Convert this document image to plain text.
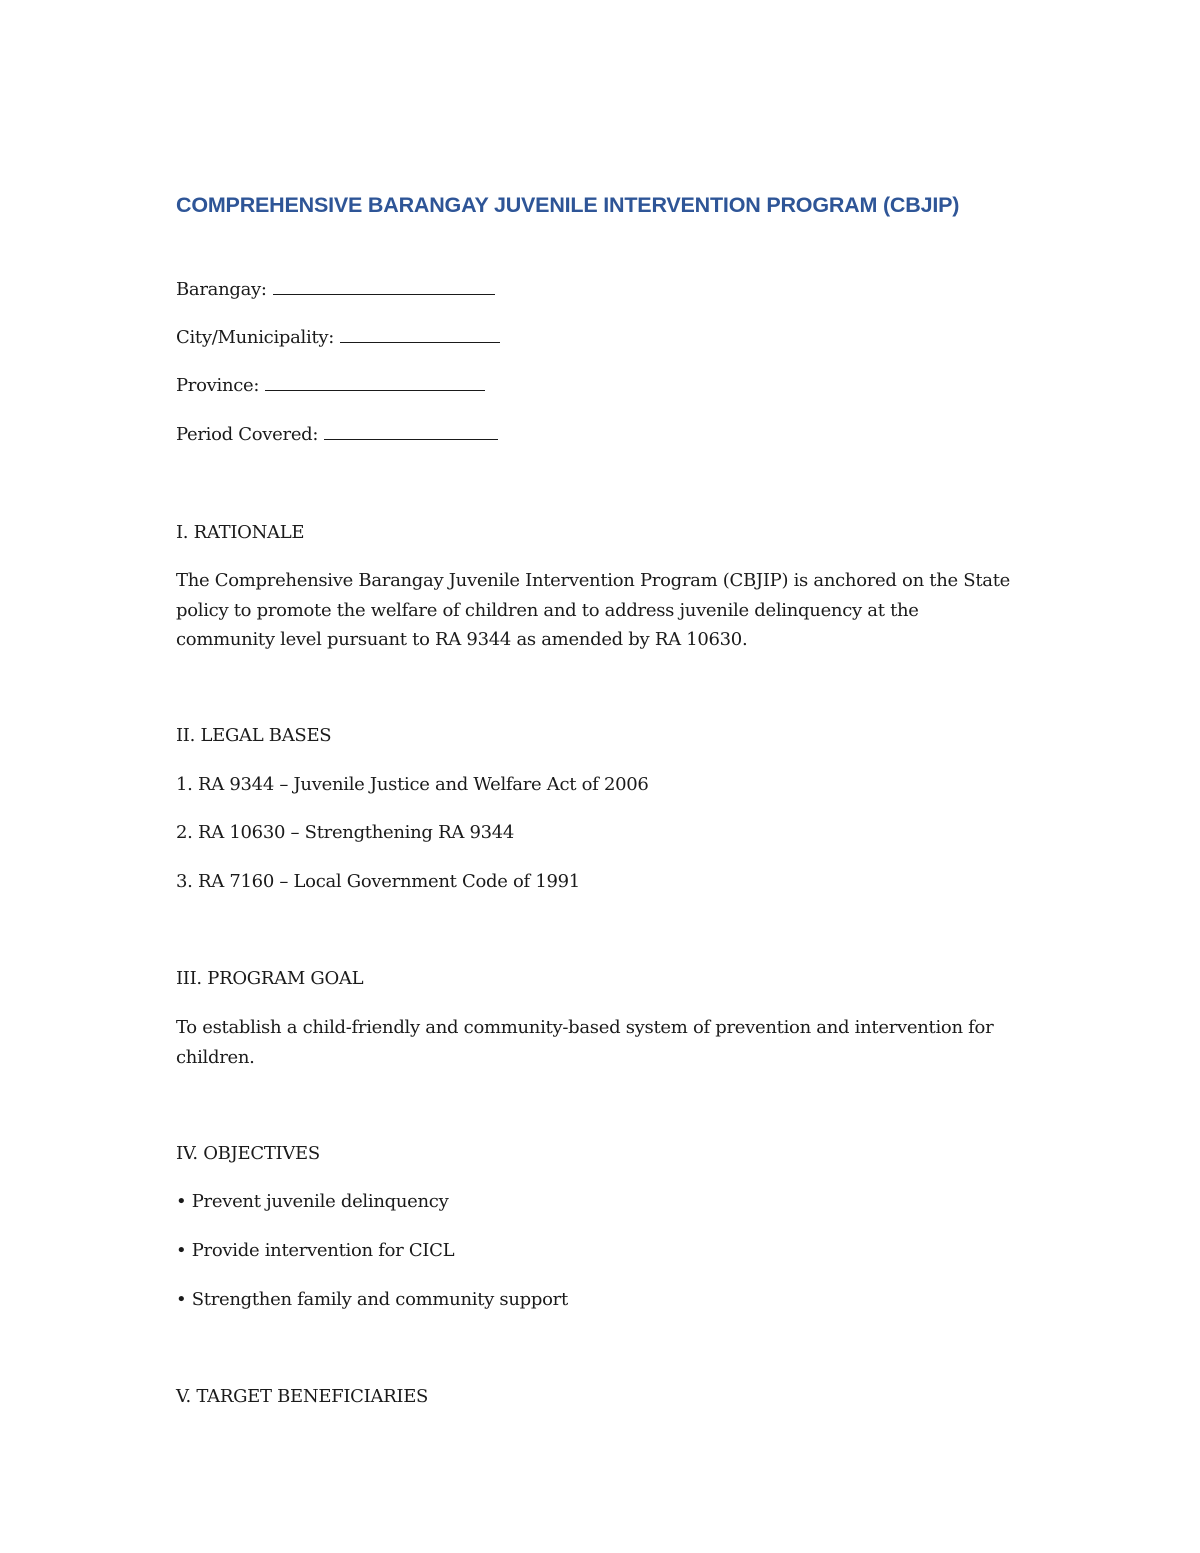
COMPREHENSIVE BARANGAY JUVENILE INTERVENTION PROGRAM (CBJIP)
Barangay:
City/Municipality:
Province:
Period Covered:
I. RATIONALE
The Comprehensive Barangay Juvenile Intervention Program (CBJIP) is anchored on the State policy to promote the welfare of children and to address juvenile delinquency at the community level pursuant to RA 9344 as amended by RA 10630.
II. LEGAL BASES
1. RA 9344 – Juvenile Justice and Welfare Act of 2006
2. RA 10630 – Strengthening RA 9344
3. RA 7160 – Local Government Code of 1991
III. PROGRAM GOAL
To establish a child-friendly and community-based system of prevention and intervention for children.
IV. OBJECTIVES
• Prevent juvenile delinquency
• Provide intervention for CICL
• Strengthen family and community support
V. TARGET BENEFICIARIES
